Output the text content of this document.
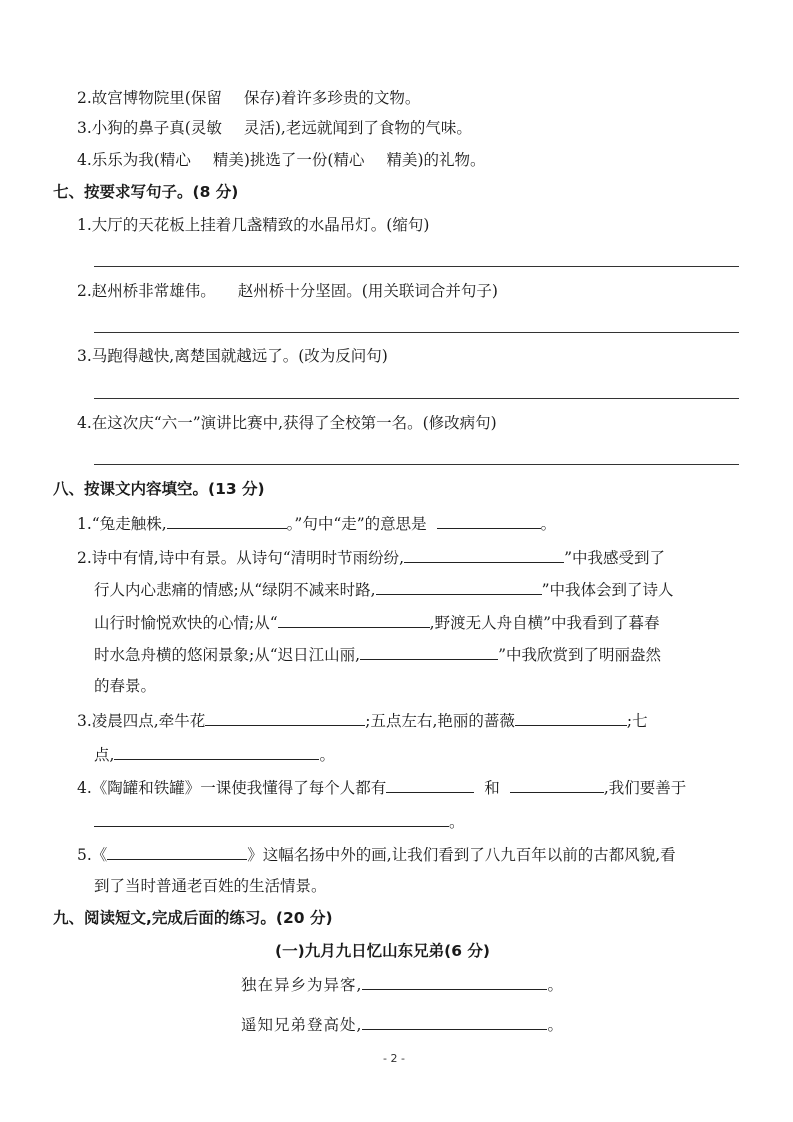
2.故宫博物院里(保留 保存)着许多珍贵的文物。
3.小狗的鼻子真(灵敏 灵活),老远就闻到了食物的气味。
4.乐乐为我(精心 精美)挑选了一份(精心 精美)的礼物。
七、按要求写句子。(8 分)
1.大厅的天花板上挂着几盏精致的水晶吊灯。(缩句)
2.赵州桥非常雄伟。 赵州桥十分坚固。(用关联词合并句子)
3.马跑得越快,离楚国就越远了。(改为反问句)
4.在这次庆“六一”演讲比赛中,获得了全校第一名。(修改病句)
八、按课文内容填空。(13 分)
1.“兔走触株,	。”句中“走”的意思是	。
2.诗中有情,诗中有景。从诗句“清明时节雨纷纷,	”中我感受到了
行人内心悲痛的情感;从“绿阴不减来时路,	”中我体会到了诗人
山行时愉悦欢快的心情;从“	,野渡无人舟自横”中我看到了暮春
时水急舟横的悠闲景象;从“迟日江山丽,	”中我欣赏到了明丽盎然
的春景。
3.凌晨四点,牵牛花	;五点左右,艳丽的蔷薇	;七
点,	。
4.《陶罐和铁罐》一课使我懂得了每个人都有	和	,我们要善于
。
5.《	》这幅名扬中外的画,让我们看到了八九百年以前的古都风貌,看
到了当时普通老百姓的生活情景。
九、阅读短文,完成后面的练习。(20 分)
(一)九月九日忆山东兄弟(6 分)
独在异乡为异客,	。
遥知兄弟登高处,	。
- 2 -
